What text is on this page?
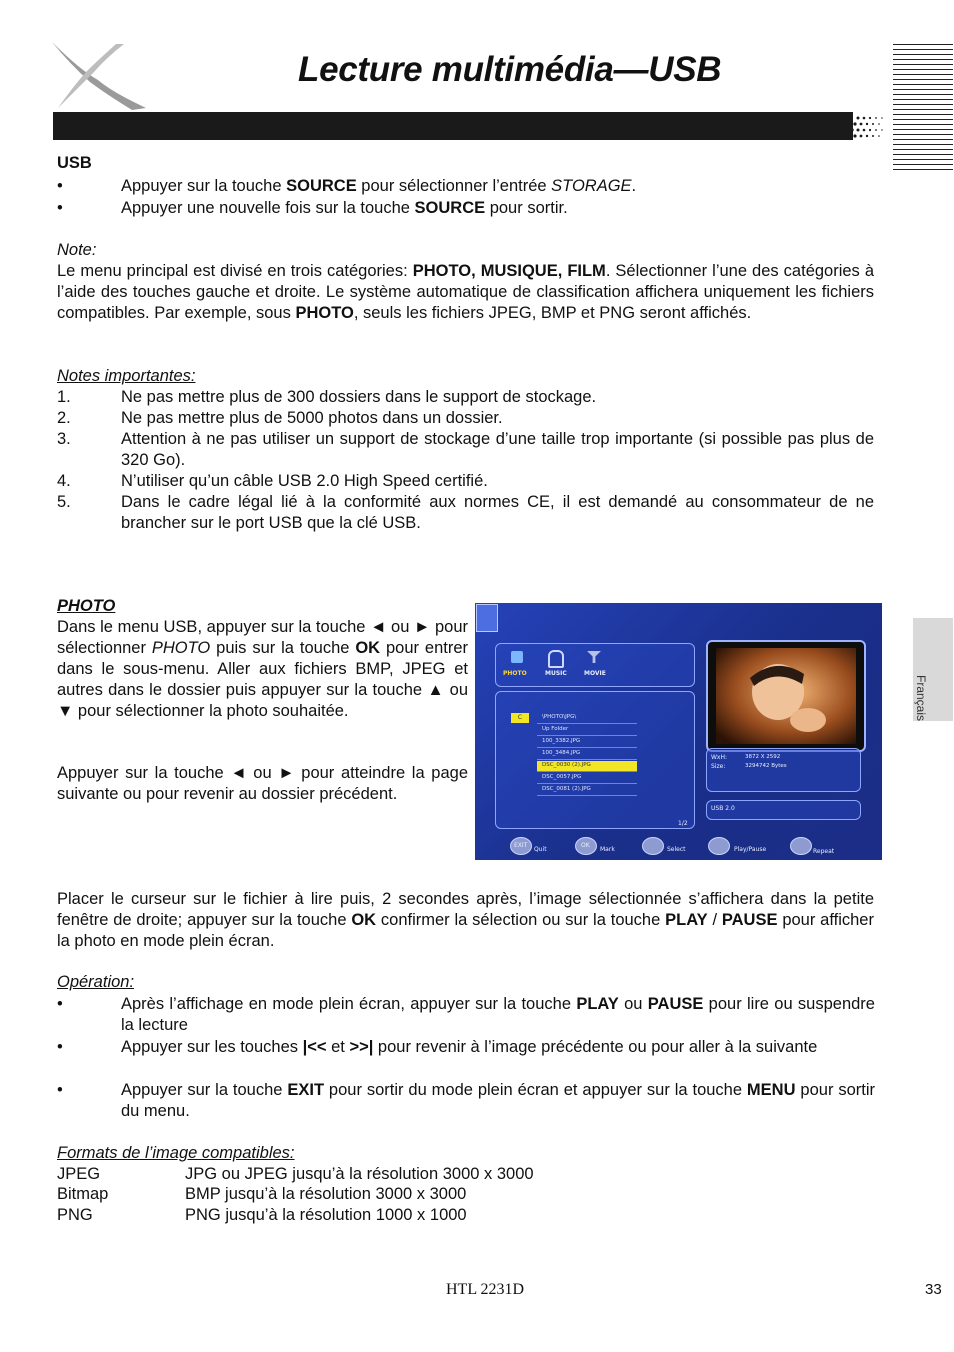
Lecture multimédia—USB
Français
USB
•	Appuyer sur la touche SOURCE pour sélectionner l’entrée STORAGE.
•	Appuyer une nouvelle fois sur la touche SOURCE pour sortir.
Note:
Le menu principal est divisé en trois catégories: PHOTO, MUSIQUE, FILM. Sélectionner l’une des catégories à l’aide des touches gauche et droite. Le système automatique de classification affichera uniquement les fichiers compatibles. Par exemple, sous PHOTO, seuls les fichiers JPEG, BMP et PNG seront affichés.
Notes importantes:
1.	Ne pas mettre plus de 300 dossiers dans le support de stockage.
2.	Ne pas mettre plus de 5000 photos dans un dossier.
3.	Attention à ne pas utiliser un support de stockage d’une taille trop importante (si possible pas plus de 320 Go).
4.	N’utiliser qu’un câble USB 2.0 High Speed certifié.
5.	Dans le cadre légal lié à la conformité aux normes CE, il est demandé au consommateur de ne brancher sur le port USB que la clé USB.
PHOTO
Dans le menu USB, appuyer sur la touche ◄ ou ► pour sélectionner PHOTO puis sur la touche OK pour entrer dans le sous-menu. Aller aux fichiers BMP, JPEG et autres dans le dossier puis appuyer sur la touche ▲ ou ▼ pour sélectionner la photo souhaitée.
Appuyer sur la touche ◄ ou ► pour atteindre la page suivante ou pour revenir au dossier précédent.
PHOTO	MUSIC	MOVIE
C	\PHOTO\JPG\
Up Folder
100_3382.JPG
100_3484.JPG
DSC_0030 (2).JPG
DSC_0057.JPG
DSC_0081 (2).JPG
1/2
WxH:
Size:
3872 X 2592
3294742 Bytes
USB 2.0
EXIT
Quit
OK
Mark	Select	Play/Pause	Repeat
Placer le curseur sur le fichier à lire puis, 2 secondes après, l’image sélectionnée s’affichera dans la petite fenêtre de droite; appuyer sur la touche OK confirmer la sélection ou sur la touche PLAY / PAUSE pour afficher la photo en mode plein écran.
Opération:
•	Après l’affichage en mode plein écran, appuyer sur la touche PLAY ou PAUSE pour lire ou suspendre la lecture
•	Appuyer sur les touches |<< et >>| pour revenir à l’image précédente ou pour aller à la suivante
•	Appuyer sur la touche EXIT pour sortir du mode plein écran et appuyer sur la touche MENU pour sortir du menu.
Formats de l’image compatibles:
JPEG	JPG ou JPEG jusqu’à la résolution 3000 x 3000
Bitmap	BMP jusqu’à la résolution 3000 x 3000
PNG	PNG jusqu’à la résolution 1000 x 1000
HTL 2231D	33
